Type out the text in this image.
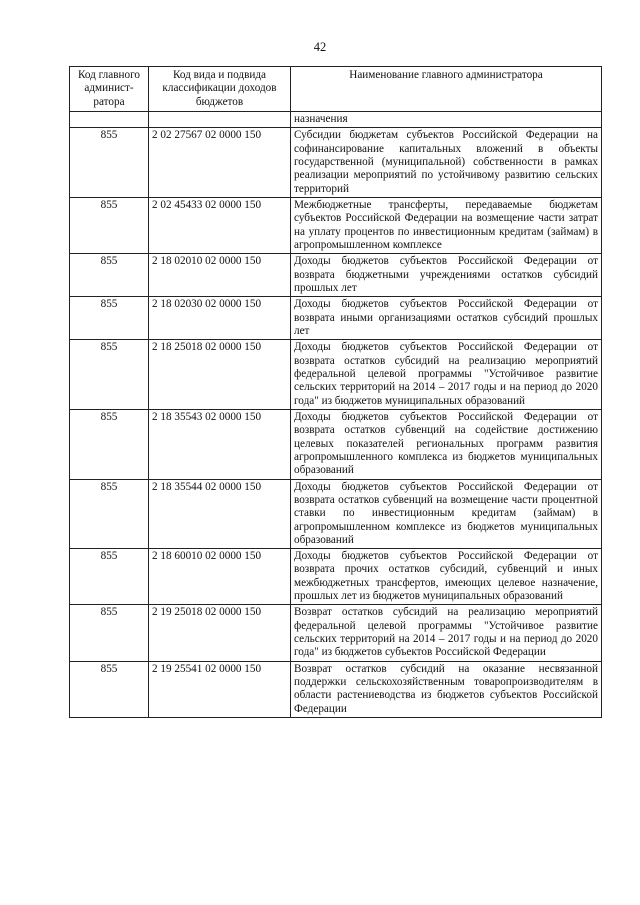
42
Код главного админист-ратора	Код вида и подвида классификации доходов бюджетов	Наименование главного администратора
		назначения
855	2 02 27567 02 0000 150	Субсидии бюджетам субъектов Российской Федерации на софинансирование капитальных вложений в объекты государственной (муниципальной) собственности в рамках реализации мероприятий по устойчивому развитию сельских территорий
855	2 02 45433 02 0000 150	Межбюджетные трансферты, передаваемые бюджетам субъектов Российской Федерации на возмещение части затрат на уплату процентов по инвестиционным кредитам (займам) в агропромышленном комплексе
855	2 18 02010 02 0000 150	Доходы бюджетов субъектов Российской Федерации от возврата бюджетными учреждениями остатков субсидий прошлых лет
855	2 18 02030 02 0000 150	Доходы бюджетов субъектов Российской Федерации от возврата иными организациями остатков субсидий прошлых лет
855	2 18 25018 02 0000 150	Доходы бюджетов субъектов Российской Федерации от возврата остатков субсидий на реализацию мероприятий федеральной целевой программы "Устойчивое развитие сельских территорий на 2014 – 2017 годы и на период до 2020 года" из бюджетов муниципальных образований
855	2 18 35543 02 0000 150	Доходы бюджетов субъектов Российской Федерации от возврата остатков субвенций на содействие достижению целевых показателей региональных программ развития агропромышленного комплекса из бюджетов муниципальных образований
855	2 18 35544 02 0000 150	Доходы бюджетов субъектов Российской Федерации от возврата остатков субвенций на возмещение части процентной ставки по инвестиционным кредитам (займам) в агропромышленном комплексе из бюджетов муниципальных образований
855	2 18 60010 02 0000 150	Доходы бюджетов субъектов Российской Федерации от возврата прочих остатков субсидий, субвенций и иных межбюджетных трансфертов, имеющих целевое назначение, прошлых лет из бюджетов муниципальных образований
855	2 19 25018 02 0000 150	Возврат остатков субсидий на реализацию мероприятий федеральной целевой программы "Устойчивое развитие сельских территорий на 2014 – 2017 годы и на период до 2020 года" из бюджетов субъектов Российской Федерации
855	2 19 25541 02 0000 150	Возврат остатков субсидий на оказание несвязанной поддержки сельскохозяйственным товаропроизводителям в области растениеводства из бюджетов субъектов Российской Федерации
